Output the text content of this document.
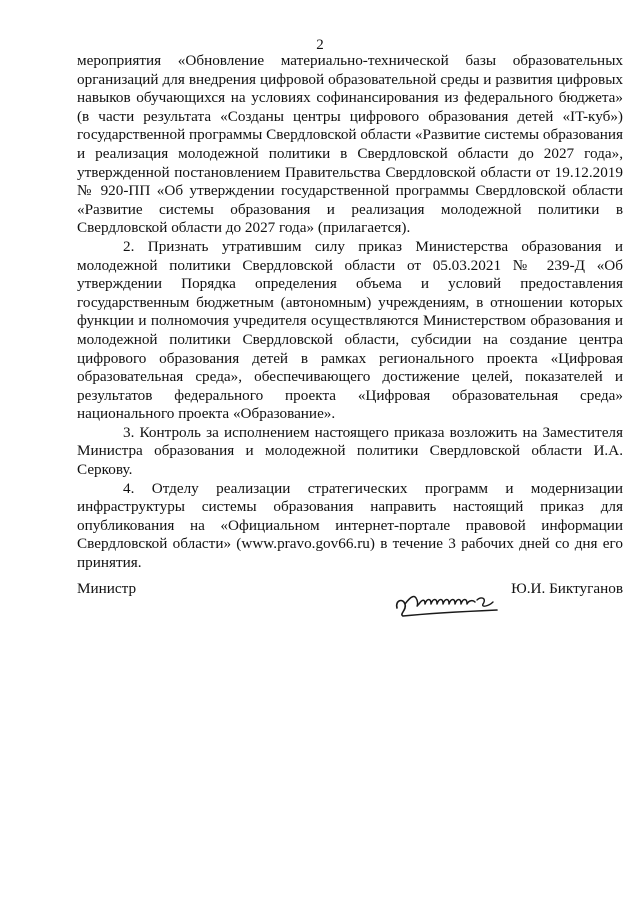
2

мероприятия «Обновление материально-технической базы образовательных организаций для внедрения цифровой образовательной среды и развития цифровых навыков обучающихся на условиях софинансирования из федерального бюджета» (в части результата «Созданы центры цифрового образования детей «IT-куб») государственной программы Свердловской области «Развитие системы образования и реализация молодежной политики в Свердловской области до 2027 года», утвержденной постановлением Правительства Свердловской области от 19.12.2019 № 920-ПП «Об утверждении государственной программы Свердловской области «Развитие системы образования и реализация молодежной политики в Свердловской области до 2027 года» (прилагается).

2. Признать утратившим силу приказ Министерства образования и молодежной политики Свердловской области от 05.03.2021 № 239-Д «Об утверждении Порядка определения объема и условий предоставления государственным бюджетным (автономным) учреждениям, в отношении которых функции и полномочия учредителя осуществляются Министерством образования и молодежной политики Свердловской области, субсидии на создание центра цифрового образования детей в рамках регионального проекта «Цифровая образовательная среда», обеспечивающего достижение целей, показателей и результатов федерального проекта «Цифровая образовательная среда» национального проекта «Образование».

3. Контроль за исполнением настоящего приказа возложить на Заместителя Министра образования и молодежной политики Свердловской области И.А. Серкову.

4. Отделу реализации стратегических программ и модернизации инфраструктуры системы образования направить настоящий приказ для опубликования на «Официальном интернет-портале правовой информации Свердловской области» (www.pravo.gov66.ru) в течение 3 рабочих дней со дня его принятия.

Министр	Ю.И. Биктуганов
